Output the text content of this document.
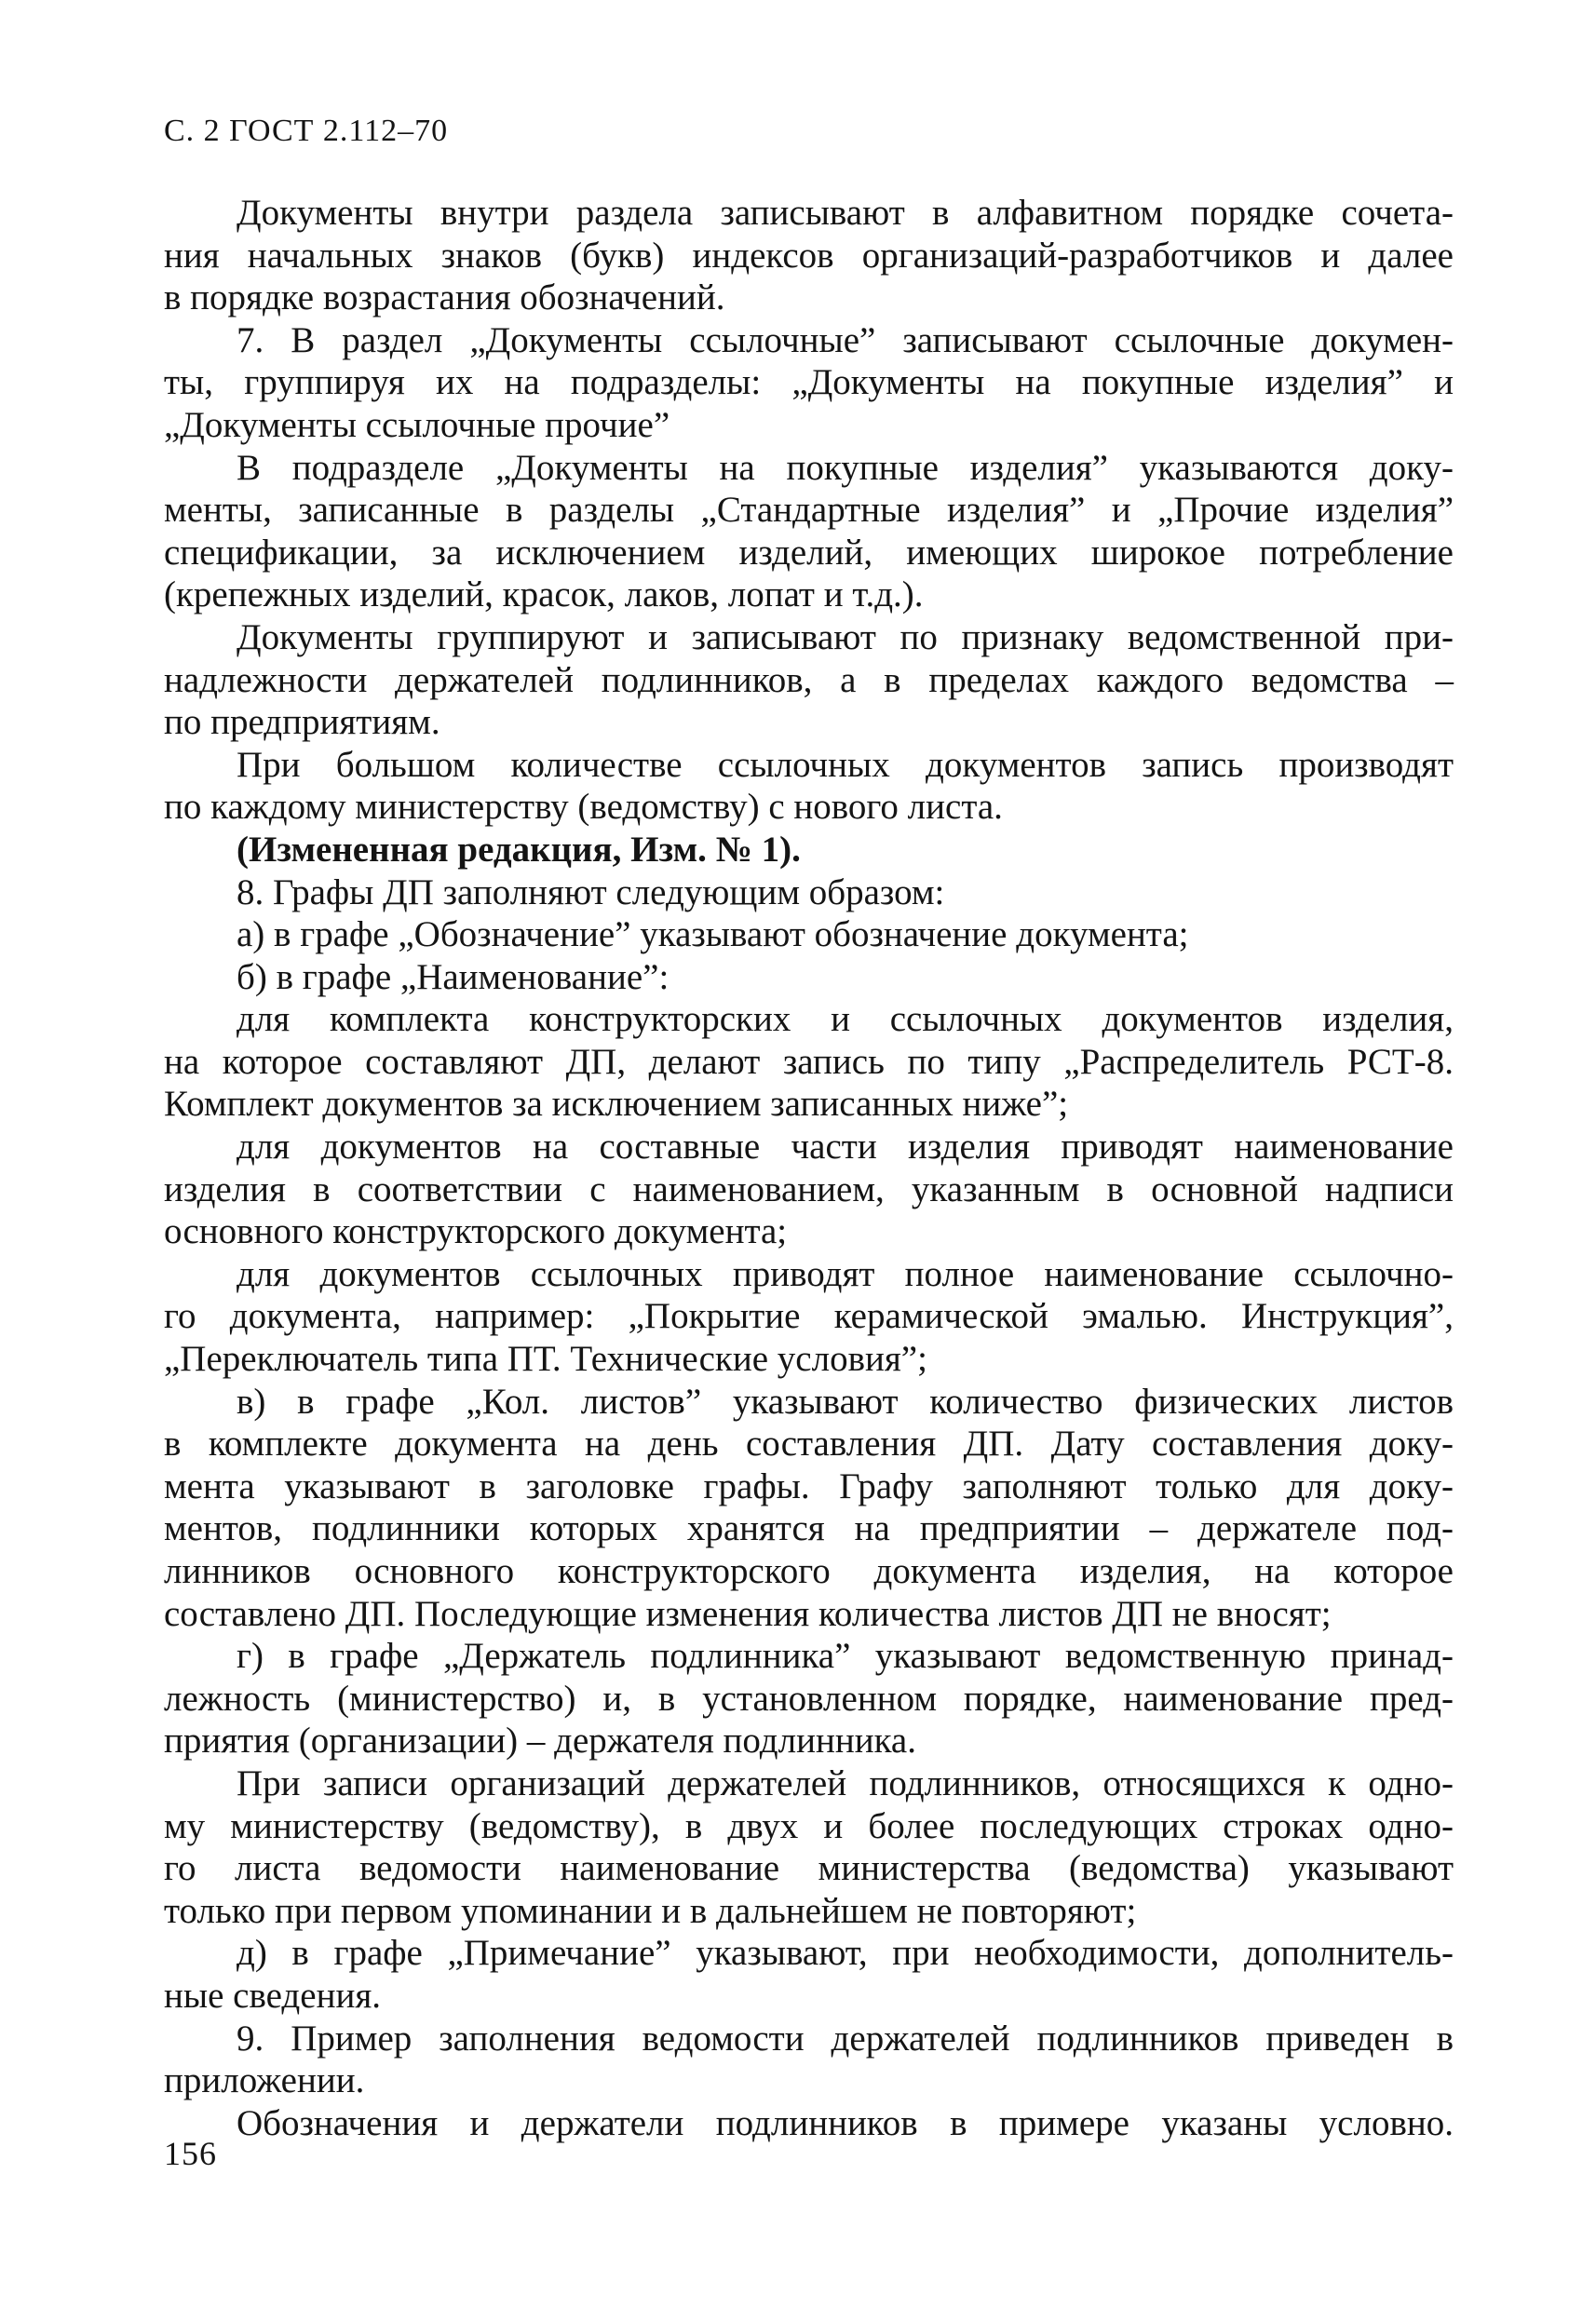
С. 2 ГОСТ 2.112–70
Документы внутри раздела записывают в алфавитном порядке сочета-
ния начальных знаков (букв) индексов организаций-разработчиков и далее
в порядке возрастания обозначений.
7. В раздел „Документы ссылочные” записывают ссылочные докумен-
ты, группируя их на подразделы: „Документы на покупные изделия” и
„Документы ссылочные прочие”
В подразделе „Документы на покупные изделия” указываются доку-
менты, записанные в разделы „Стандартные изделия” и „Прочие изделия”
спецификации, за исключением изделий, имеющих широкое потребление
(крепежных изделий, красок, лаков, лопат и т.д.).
Документы группируют и записывают по признаку ведомственной при-
надлежности держателей подлинников, а в пределах каждого ведомства –
по предприятиям.
При большом количестве ссылочных документов запись производят
по каждому министерству (ведомству) с нового листа.
(Измененная редакция, Изм. № 1).
8. Графы ДП заполняют следующим образом:
а) в графе „Обозначение” указывают обозначение документа;
б) в графе „Наименование”:
для комплекта конструкторских и ссылочных документов изделия,
на которое составляют ДП, делают запись по типу „Распределитель РСТ-8.
Комплект документов за исключением записанных ниже”;
для документов на составные части изделия приводят наименование
изделия в соответствии с наименованием, указанным в основной надписи
основного конструкторского документа;
для документов ссылочных приводят полное наименование ссылочно-
го документа, например: „Покрытие керамической эмалью. Инструкция”,
„Переключатель типа ПТ. Технические условия”;
в) в графе „Кол. листов” указывают количество физических листов
в комплекте документа на день составления ДП. Дату составления доку-
мента указывают в заголовке графы. Графу заполняют только для доку-
ментов, подлинники которых хранятся на предприятии – держателе под-
линников основного конструкторского документа изделия, на которое
составлено ДП. Последующие изменения количества листов ДП не вносят;
г) в графе „Держатель подлинника” указывают ведомственную принад-
лежность (министерство) и, в установленном порядке, наименование пред-
приятия (организации) – держателя подлинника.
При записи организаций держателей подлинников, относящихся к одно-
му министерству (ведомству), в двух и более последующих строках одно-
го листа ведомости наименование министерства (ведомства) указывают
только при первом упоминании и в дальнейшем не повторяют;
д) в графе „Примечание” указывают, при необходимости, дополнитель-
ные сведения.
9. Пример заполнения ведомости держателей подлинников приведен в
приложении.
Обозначения и держатели подлинников в примере указаны условно.
156
